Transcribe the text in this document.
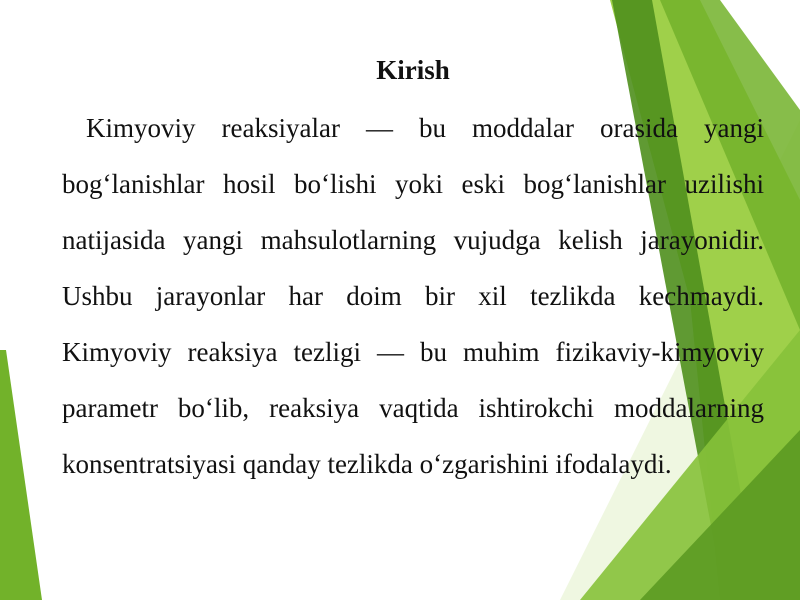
Kirish

Kimyoviy reaksiyalar — bu moddalar orasida yangi bog‘lanishlar hosil bo‘lishi yoki eski bog‘lanishlar uzilishi natijasida yangi mahsulotlarning vujudga kelish jarayonidir. Ushbu jarayonlar har doim bir xil tezlikda kechmaydi. Kimyoviy reaksiya tezligi — bu muhim fizikaviy-kimyoviy parametr bo‘lib, reaksiya vaqtida ishtirokchi moddalarning konsentratsiyasi qanday tezlikda o‘zgarishini ifodalaydi.
